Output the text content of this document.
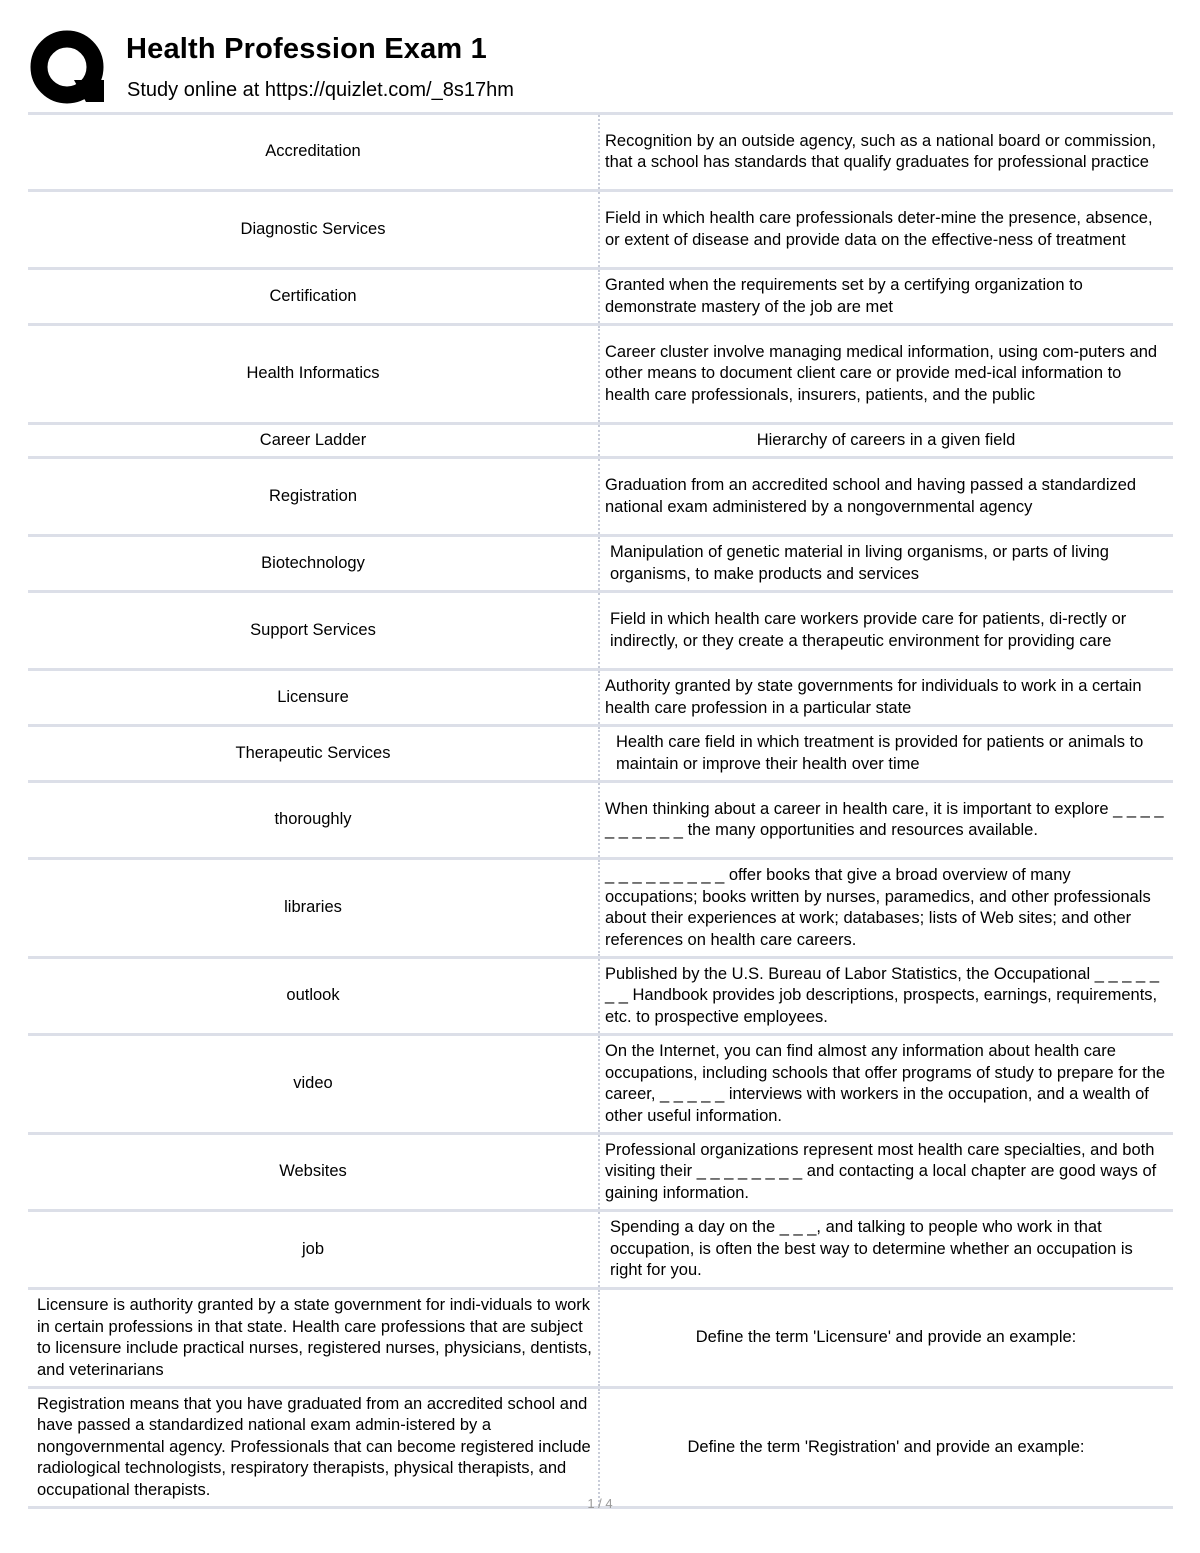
Health Profession Exam 1
Study online at https://quizlet.com/_8s17hm
Accreditation
Recognition by an outside agency, such as a national board or commission, that a school has standards that qualify graduates for professional practice
Diagnostic Services
Field in which health care professionals deter-mine the presence, absence, or extent of disease and provide data on the effective-ness of treatment
Certification
Granted when the requirements set by a certifying organization to demonstrate mastery of the job are met
Health Informatics
Career cluster involve managing medical information, using com-puters and other means to document client care or provide med-ical information to health care professionals, insurers, patients, and the public
Career Ladder	Hierarchy of careers in a given field
Registration
Graduation from an accredited school and having passed a standardized national exam administered by a nongovernmental agency
Biotechnology
Manipulation of genetic material in living organisms, or parts of living organisms, to make products and services
Support Services
Field in which health care workers provide care for patients, di-rectly or indirectly, or they create a therapeutic environment for providing care
Licensure
Authority granted by state governments for individuals to work in a certain health care profession in a particular state
Therapeutic Services
Health care field in which treatment is provided for patients or animals to maintain or improve their health over time
thoroughly
When thinking about a career in health care, it is important to explore _ _ _ _ _ _ _ _ _ _ the many opportunities and resources available.
libraries
_ _ _ _ _ _ _ _ _ offer books that give a broad overview of many occupations; books written by nurses, paramedics, and other professionals about their experiences at work; databases; lists of Web sites; and other references on health care careers.
outlook
Published by the U.S. Bureau of Labor Statistics, the Occupational _ _ _ _ _ _ _ Handbook provides job descriptions, prospects, earnings, requirements, etc. to prospective employees.
video
On the Internet, you can find almost any information about health care occupations, including schools that offer programs of study to prepare for the career, _ _ _ _ _ interviews with workers in the occupation, and a wealth of other useful information.
Websites
Professional organizations represent most health care specialties, and both visiting their _ _ _ _ _ _ _ _ and contacting a local chapter are good ways of gaining information.
job
Spending a day on the _ _ _, and talking to people who work in that occupation, is often the best way to determine whether an occupation is right for you.
Licensure is authority granted by a state government for indi-viduals to work in certain professions in that state. Health care professions that are subject to licensure include practical nurses, registered nurses, physicians, dentists, and veterinarians
Define the term 'Licensure' and provide an example:
Registration means that you have graduated from an accredited school and have passed a standardized national exam admin-istered by a nongovernmental agency. Professionals that can become registered include radiological technologists, respiratory therapists, physical therapists, and occupational therapists.
Define the term 'Registration' and provide an example:
1 / 4
